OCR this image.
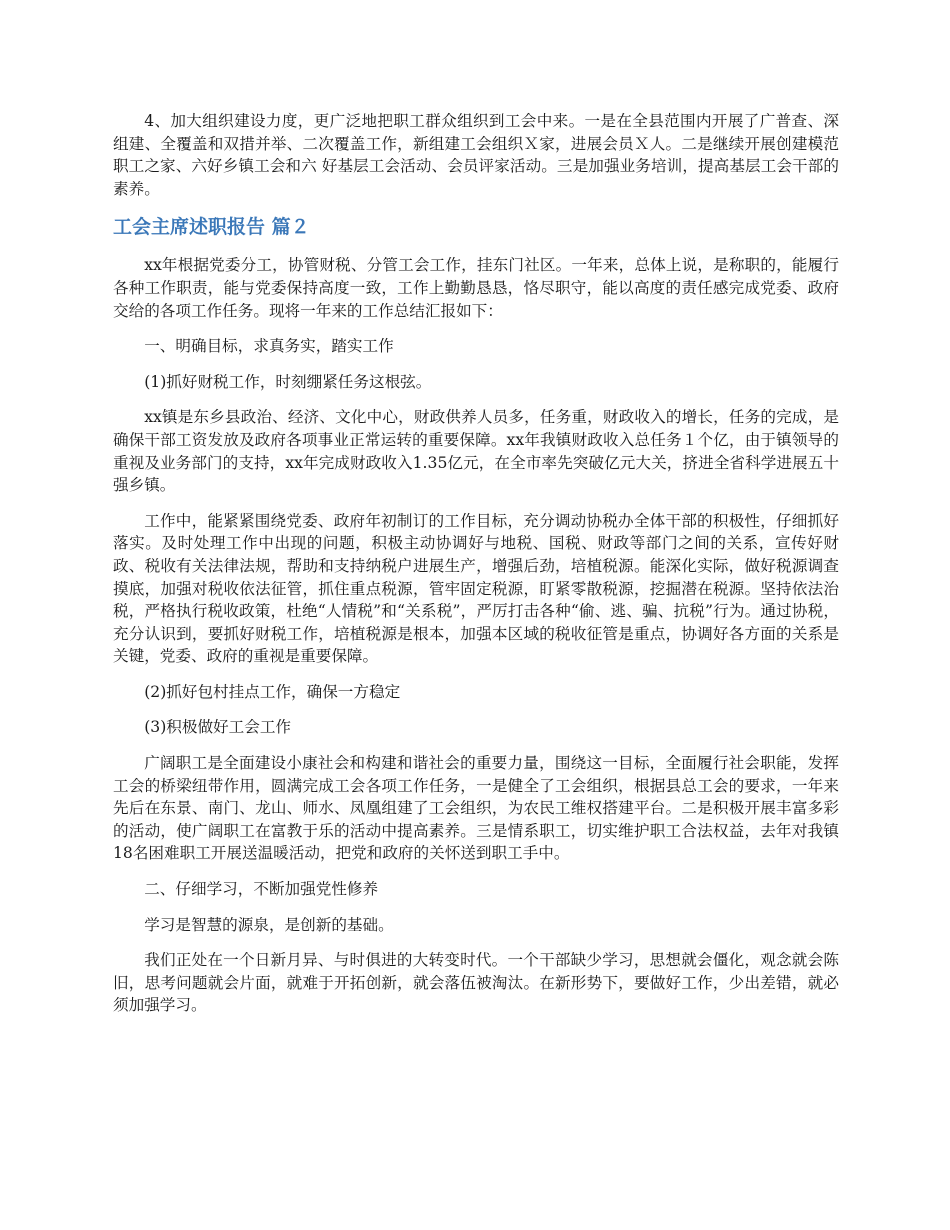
4、加大组织建设力度，更广泛地把职工群众组织到工会中来。一是在全县范围内开展了广普查、深组建、全覆盖和双措并举、二次覆盖工作，新组建工会组织Ｘ家，进展会员Ｘ人。二是继续开展创建模范职工之家、六好乡镇工会和六 好基层工会活动、会员评家活动。三是加强业务培训，提高基层工会干部的素养。

工会主席述职报告 篇２

xx年根据党委分工，协管财税、分管工会工作，挂东门社区。一年来，总体上说，是称职的，能履行各种工作职责，能与党委保持高度一致，工作上勤勤恳恳，恪尽职守，能以高度的责任感完成党委、政府交给的各项工作任务。现将一年来的工作总结汇报如下：

一、明确目标，求真务实，踏实工作

(1)抓好财税工作，时刻绷紧任务这根弦。

xx镇是东乡县政治、经济、文化中心，财政供养人员多，任务重，财政收入的增长，任务的完成，是确保干部工资发放及政府各项事业正常运转的重要保障。xx年我镇财政收入总任务１个亿，由于镇领导的重视及业务部门的支持，xx年完成财政收入1.35亿元，在全市率先突破亿元大关，挤进全省科学进展五十强乡镇。

工作中，能紧紧围绕党委、政府年初制订的工作目标，充分调动协税办全体干部的积极性，仔细抓好落实。及时处理工作中出现的问题，积极主动协调好与地税、国税、财政等部门之间的关系，宣传好财政、税收有关法律法规，帮助和支持纳税户进展生产，增强后劲，培植税源。能深化实际，做好税源调查摸底，加强对税收依法征管，抓住重点税源，管牢固定税源，盯紧零散税源，挖掘潜在税源。坚持依法治税，严格执行税收政策，杜绝“人情税”和“关系税”，严厉打击各种“偷、逃、骗、抗税”行为。通过协税，充分认识到，要抓好财税工作，培植税源是根本，加强本区域的税收征管是重点，协调好各方面的关系是关键，党委、政府的重视是重要保障。

(2)抓好包村挂点工作，确保一方稳定

(3)积极做好工会工作

广阔职工是全面建设小康社会和构建和谐社会的重要力量，围绕这一目标，全面履行社会职能，发挥工会的桥梁纽带作用，圆满完成工会各项工作任务，一是健全了工会组织，根据县总工会的要求，一年来先后在东景、南门、龙山、师水、凤凰组建了工会组织，为农民工维权搭建平台。二是积极开展丰富多彩的活动，使广阔职工在富教于乐的活动中提高素养。三是情系职工，切实维护职工合法权益，去年对我镇18名困难职工开展送温暖活动，把党和政府的关怀送到职工手中。

二、仔细学习，不断加强党性修养

学习是智慧的源泉，是创新的基础。

我们正处在一个日新月异、与时俱进的大转变时代。一个干部缺少学习，思想就会僵化，观念就会陈旧，思考问题就会片面，就难于开拓创新，就会落伍被淘汰。在新形势下，要做好工作，少出差错，就必须加强学习。
